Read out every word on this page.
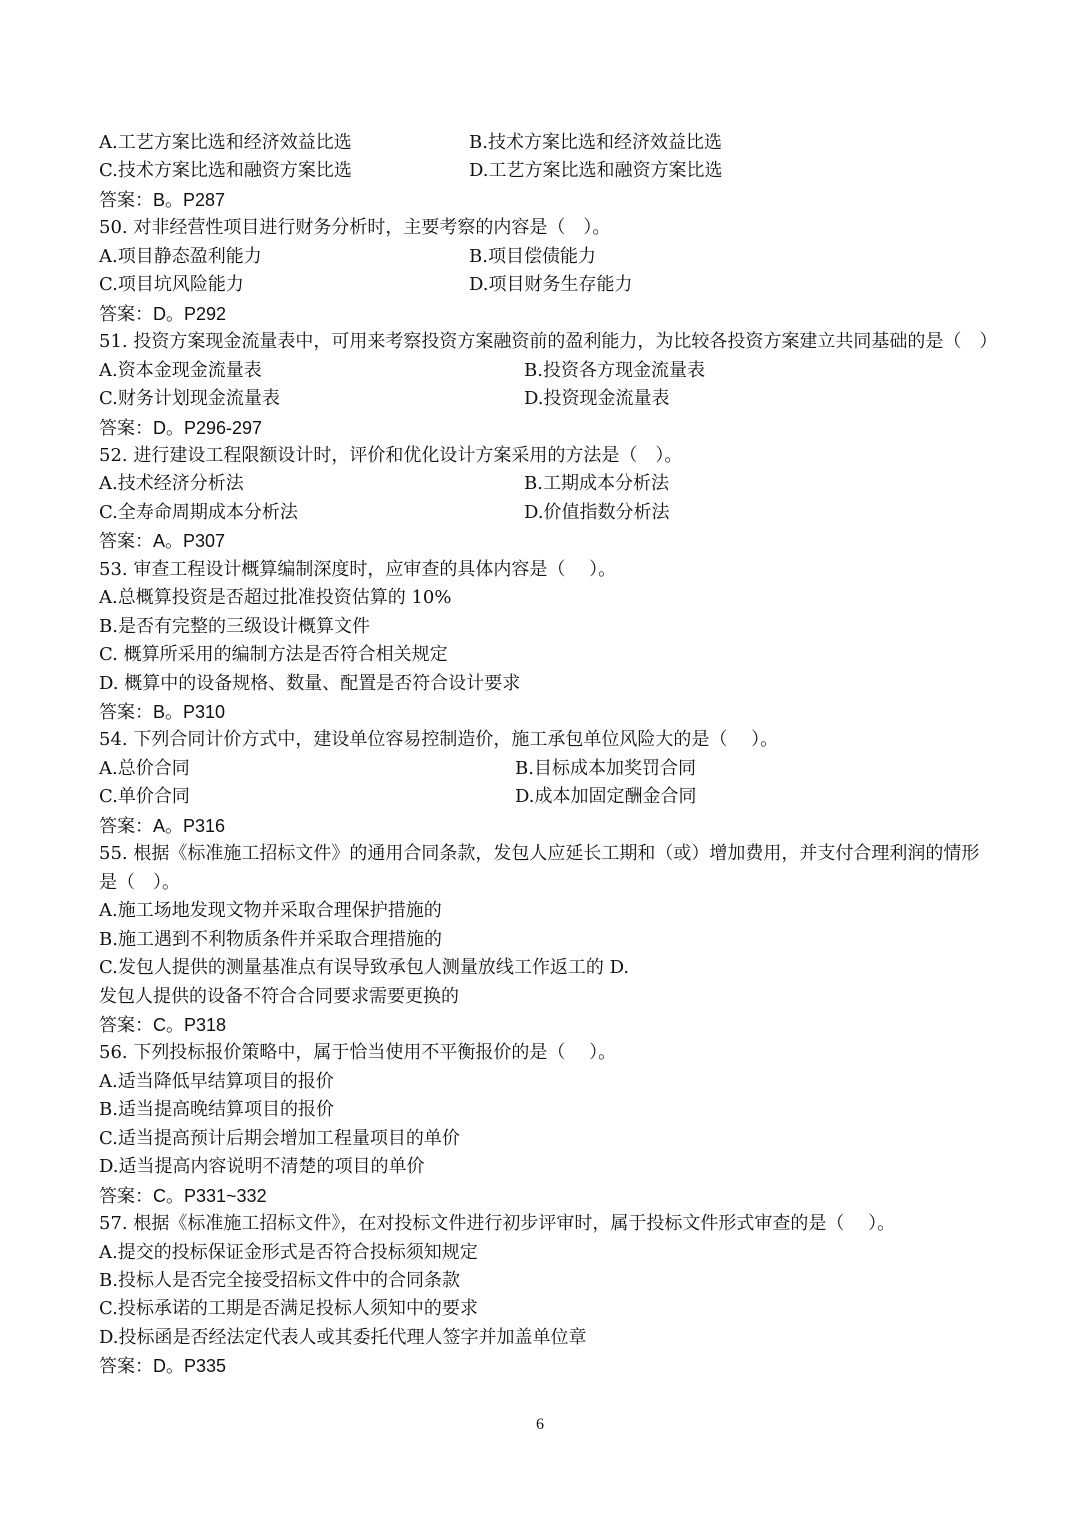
A.工艺方案比选和经济效益比选	B.技术方案比选和经济效益比选
C.技术方案比选和融资方案比选	D.工艺方案比选和融资方案比选
答案：B。P287
50. 对非经营性项目进行财务分析时，主要考察的内容是（　）。
A.项目静态盈利能力	B.项目偿债能力
C.项目坑风险能力	D.项目财务生存能力
答案：D。P292
51. 投资方案现金流量表中，可用来考察投资方案融资前的盈利能力，为比较各投资方案建立共同基础的是（　）
A.资本金现金流量表	B.投资各方现金流量表
C.财务计划现金流量表	D.投资现金流量表
答案：D。P296-297
52. 进行建设工程限额设计时，评价和优化设计方案采用的方法是（　）。
A.技术经济分析法	B.工期成本分析法
C.全寿命周期成本分析法	D.价值指数分析法
答案：A。P307
53. 审查工程设计概算编制深度时，应审查的具体内容是（　 ）。
A.总概算投资是否超过批准投资估算的 10%
B.是否有完整的三级设计概算文件
C. 概算所采用的编制方法是否符合相关规定
D. 概算中的设备规格、数量、配置是否符合设计要求
答案：B。P310
54. 下列合同计价方式中，建设单位容易控制造价，施工承包单位风险大的是（　 ）。
A.总价合同	B.目标成本加奖罚合同
C.单价合同	D.成本加固定酬金合同
答案：A。P316
55. 根据《标准施工招标文件》的通用合同条款，发包人应延长工期和（或）增加费用，并支付合理利润的情形
是（　）。
A.施工场地发现文物并采取合理保护措施的
B.施工遇到不利物质条件并采取合理措施的
C.发包人提供的测量基准点有误导致承包人测量放线工作返工的 D.
发包人提供的设备不符合合同要求需要更换的
答案：C。P318
56. 下列投标报价策略中，属于恰当使用不平衡报价的是（　 ）。
A.适当降低早结算项目的报价
B.适当提高晚结算项目的报价
C.适当提高预计后期会增加工程量项目的单价
D.适当提高内容说明不清楚的项目的单价
答案：C。P331~332
57. 根据《标准施工招标文件》，在对投标文件进行初步评审时，属于投标文件形式审查的是（　 ）。
A.提交的投标保证金形式是否符合投标须知规定
B.投标人是否完全接受招标文件中的合同条款
C.投标承诺的工期是否满足投标人须知中的要求
D.投标函是否经法定代表人或其委托代理人签字并加盖单位章
答案：D。P335
6
